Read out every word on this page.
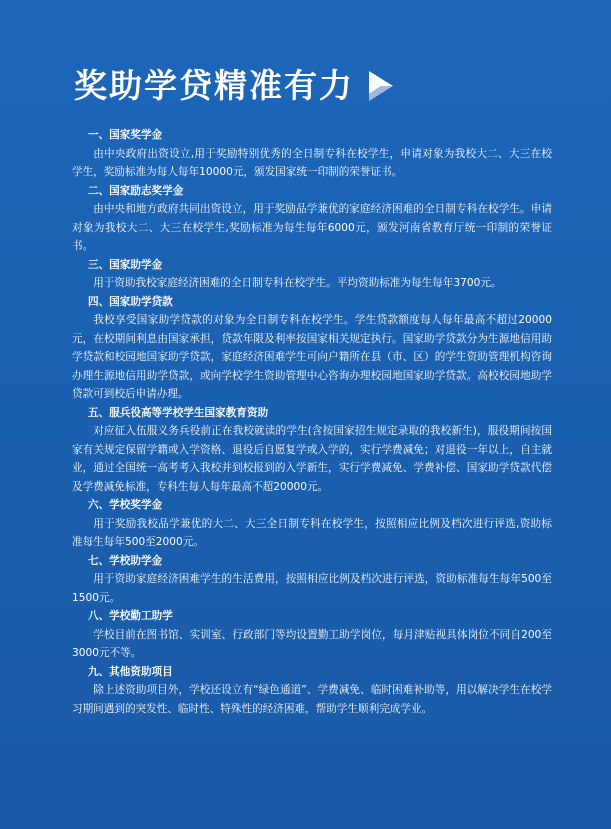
奖助学贷精准有力
一、国家奖学金

由中央政府出资设立,用于奖励特别优秀的全日制专科在校学生，申请对象为我校大二、大三在校学生，奖励标准为每人每年10000元，颁发国家统一印制的荣誉证书。

二、国家励志奖学金

由中央和地方政府共同出资设立，用于奖励品学兼优的家庭经济困难的全日制专科在校学生。申请对象为我校大二、大三在校学生,奖励标准为每生每年6000元，颁发河南省教育厅统一印制的荣誉证书。

三、国家助学金

用于资助我校家庭经济困难的全日制专科在校学生。平均资助标准为每生每年3700元。

四、国家助学贷款

我校享受国家助学贷款的对象为全日制专科在校学生。学生贷款额度每人每年最高不超过20000元，在校期间利息由国家承担，贷款年限及利率按国家相关规定执行。国家助学贷款分为生源地信用助学贷款和校园地国家助学贷款，家庭经济困难学生可向户籍所在县（市、区）的学生资助管理机构咨询办理生源地信用助学贷款，或向学校学生资助管理中心咨询办理校园地国家助学贷款。高校校园地助学贷款可到校后申请办理。

五、服兵役高等学校学生国家教育资助

对应征入伍服义务兵役前正在我校就读的学生(含按国家招生规定录取的我校新生)，服役期间按国家有关规定保留学籍或入学资格、退役后自愿复学或入学的，实行学费减免；对退役一年以上，自主就业，通过全国统一高考考入我校并到校报到的入学新生，实行学费减免、学费补偿、国家助学贷款代偿及学费减免标准，专科生每人每年最高不超20000元。

六、学校奖学金

用于奖励我校品学兼优的大二、大三全日制专科在校学生，按照相应比例及档次进行评选,资助标准每生每年500至2000元。

七、学校助学金

用于资助家庭经济困难学生的生活费用，按照相应比例及档次进行评选，资助标准每生每年500至1500元。

八、学校勤工助学

学校目前在图书馆、实训室、行政部门等均设置勤工助学岗位，每月津贴视具体岗位不同自200至3000元不等。

九、其他资助项目

除上述资助项目外，学校还设立有“绿色通道”、学费减免、临时困难补助等，用以解决学生在校学习期间遇到的突发性、临时性、特殊性的经济困难，帮助学生顺利完成学业。
